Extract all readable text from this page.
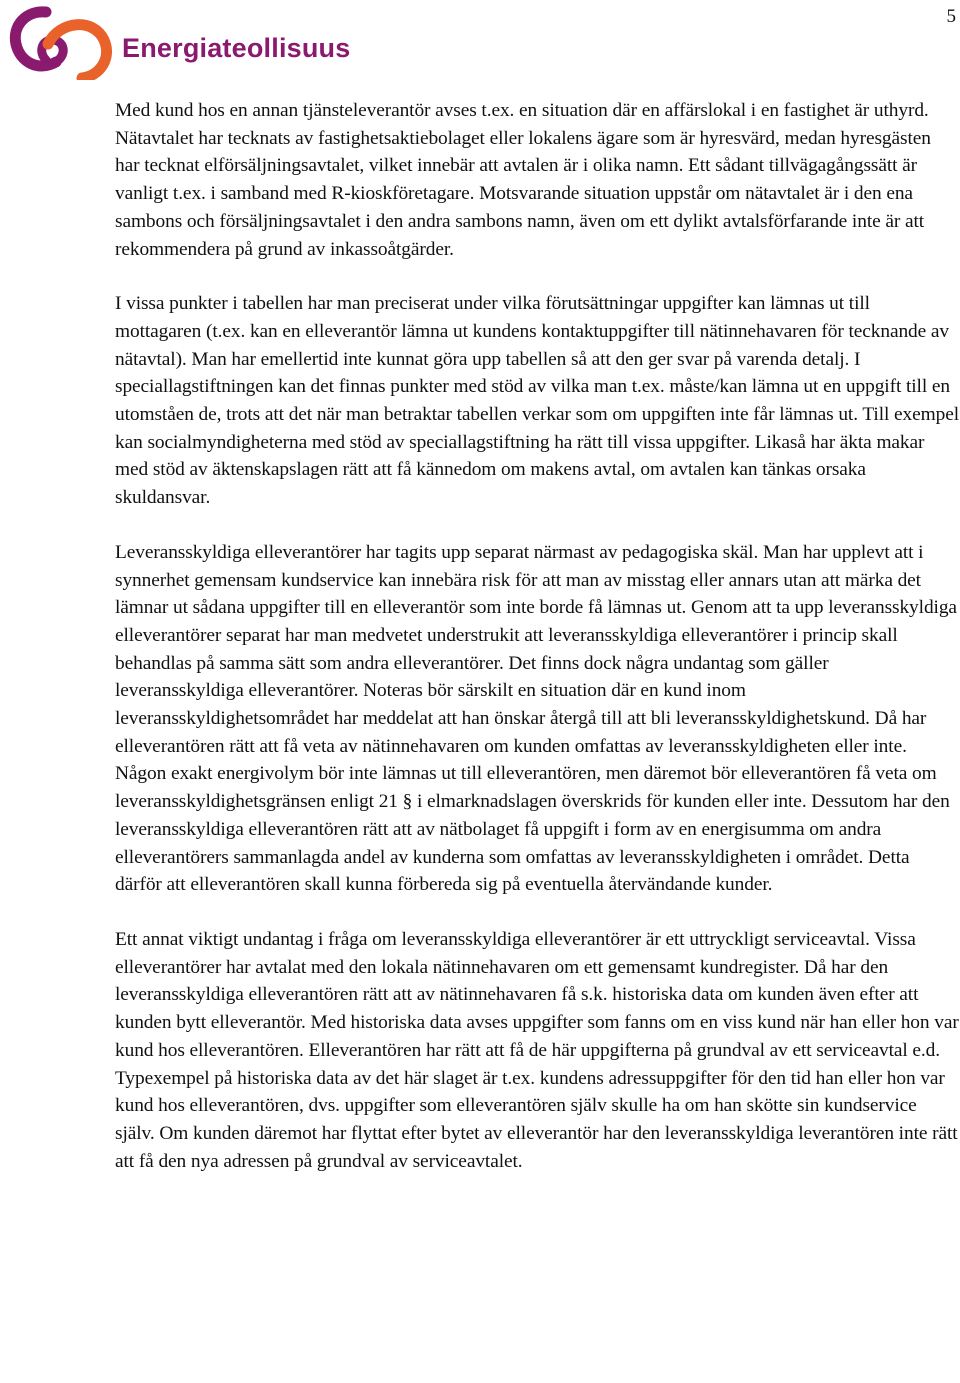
5
Energiateollisuus

Med kund hos en annan tjänsteleverantör avses t.ex. en situation där en affärslokal i en fastighet är uthyrd. Nätavtalet har tecknats av fastighetsaktiebolaget eller lokalens ägare som är hyresvärd, medan hyresgästen har tecknat elförsäljningsavtalet, vilket innebär att avtalen är i olika namn. Ett sådant tillvägagångssätt är vanligt t.ex. i samband med R-kioskföretagare. Motsvarande situation uppstår om nätavtalet är i den ena sambons och försäljningsavtalet i den andra sambons namn, även om ett dylikt avtalsförfarande inte är att rekommendera på grund av inkassoåtgärder.

I vissa punkter i tabellen har man preciserat under vilka förutsättningar uppgifter kan lämnas ut till mottagaren (t.ex. kan en elleverantör lämna ut kundens kontaktuppgifter till nätinnehavaren för tecknande av nätavtal). Man har emellertid inte kunnat göra upp tabellen så att den ger svar på varenda detalj. I speciallagstiftningen kan det finnas punkter med stöd av vilka man t.ex. måste/kan lämna ut en uppgift till en utomståen de, trots att det när man betraktar tabellen verkar som om uppgiften inte får lämnas ut. Till exempel kan socialmyndigheterna med stöd av speciallagstiftning ha rätt till vissa uppgifter. Likaså har äkta makar med stöd av äktenskapslagen rätt att få kännedom om makens avtal, om avtalen kan tänkas orsaka skuldansvar.

Leveransskyldiga elleverantörer har tagits upp separat närmast av pedagogiska skäl. Man har upplevt att i synnerhet gemensam kundservice kan innebära risk för att man av misstag eller annars utan att märka det lämnar ut sådana uppgifter till en elleverantör som inte borde få lämnas ut. Genom att ta upp leveransskyldiga elleverantörer separat har man medvetet understrukit att leveransskyldiga elleverantörer i princip skall behandlas på samma sätt som andra elleverantörer. Det finns dock några undantag som gäller leveransskyldiga elleverantörer. Noteras bör särskilt en situation där en kund inom leveransskyldighetsområdet har meddelat att han önskar återgå till att bli leveransskyldighetskund. Då har elleverantören rätt att få veta av nätinnehavaren om kunden omfattas av leveransskyldigheten eller inte. Någon exakt energivolym bör inte lämnas ut till elleverantören, men däremot bör elleverantören få veta om leveransskyldighetsgränsen enligt 21 § i elmarknadslagen överskrids för kunden eller inte. Dessutom har den leveransskyldiga elleverantören rätt att av nätbolaget få uppgift i form av en energisumma om andra elleverantörers sammanlagda andel av kunderna som omfattas av leveransskyldigheten i området. Detta därför att elleverantören skall kunna förbereda sig på eventuella återvändande kunder.

Ett annat viktigt undantag i fråga om leveransskyldiga elleverantörer är ett uttryckligt serviceavtal. Vissa elleverantörer har avtalat med den lokala nätinnehavaren om ett gemensamt kundregister. Då har den leveransskyldiga elleverantören rätt att av nätinnehavaren få s.k. historiska data om kunden även efter att kunden bytt elleverantör. Med historiska data avses uppgifter som fanns om en viss kund när han eller hon var kund hos elleverantören. Elleverantören har rätt att få de här uppgifterna på grundval av ett serviceavtal e.d. Typexempel på historiska data av det här slaget är t.ex. kundens adressuppgifter för den tid han eller hon var kund hos elleverantören, dvs. uppgifter som elleverantören själv skulle ha om han skötte sin kundservice själv. Om kunden däremot har flyttat efter bytet av elleverantör har den leveransskyldiga leverantören inte rätt att få den nya adressen på grundval av serviceavtalet.
